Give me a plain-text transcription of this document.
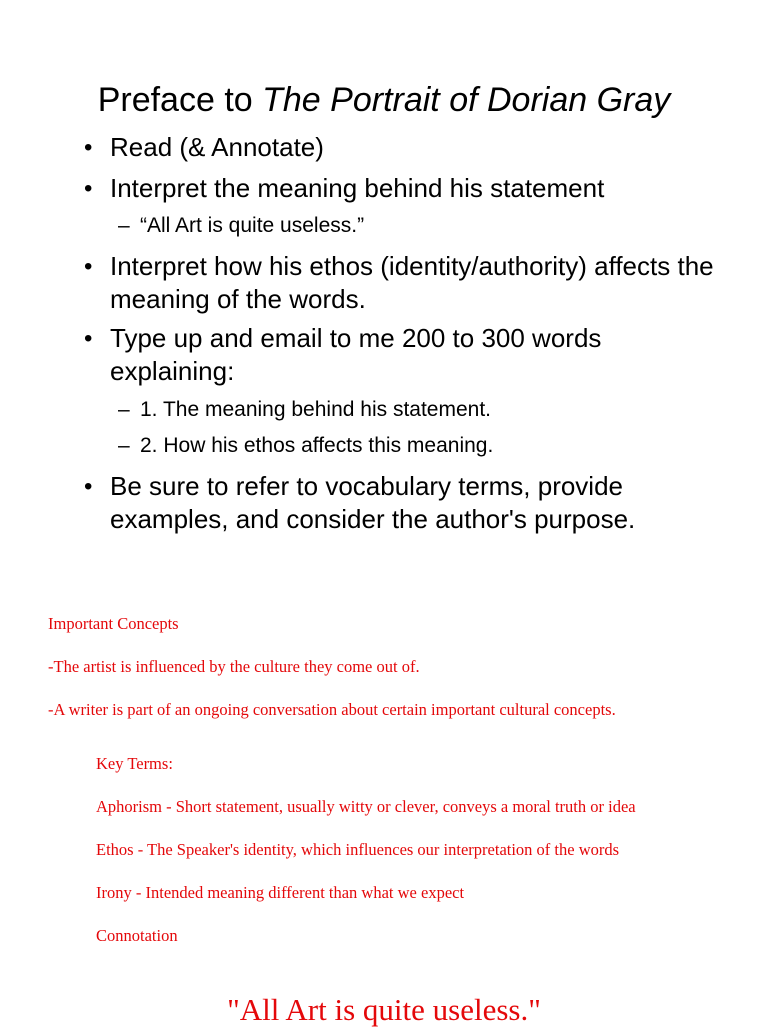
Preface to The Portrait of Dorian Gray
• Read (& Annotate)
• Interpret the meaning behind his statement
– “All Art is quite useless.”
• Interpret how his ethos (identity/authority) affects the meaning of the words.
• Type up and email to me 200 to 300 words explaining:
– 1. The meaning behind his statement.
– 2. How his ethos affects this meaning.
• Be sure to refer to vocabulary terms, provide examples, and consider the author's purpose.
Important Concepts
-The artist is influenced by the culture they come out of.
-A writer is part of an ongoing conversation about certain important cultural concepts.
Key Terms:
Aphorism - Short statement, usually witty or clever, conveys a moral truth or idea
Ethos - The Speaker's identity, which influences our interpretation of the words
Irony - Intended meaning different than what we expect
Connotation
"All Art is quite useless."
